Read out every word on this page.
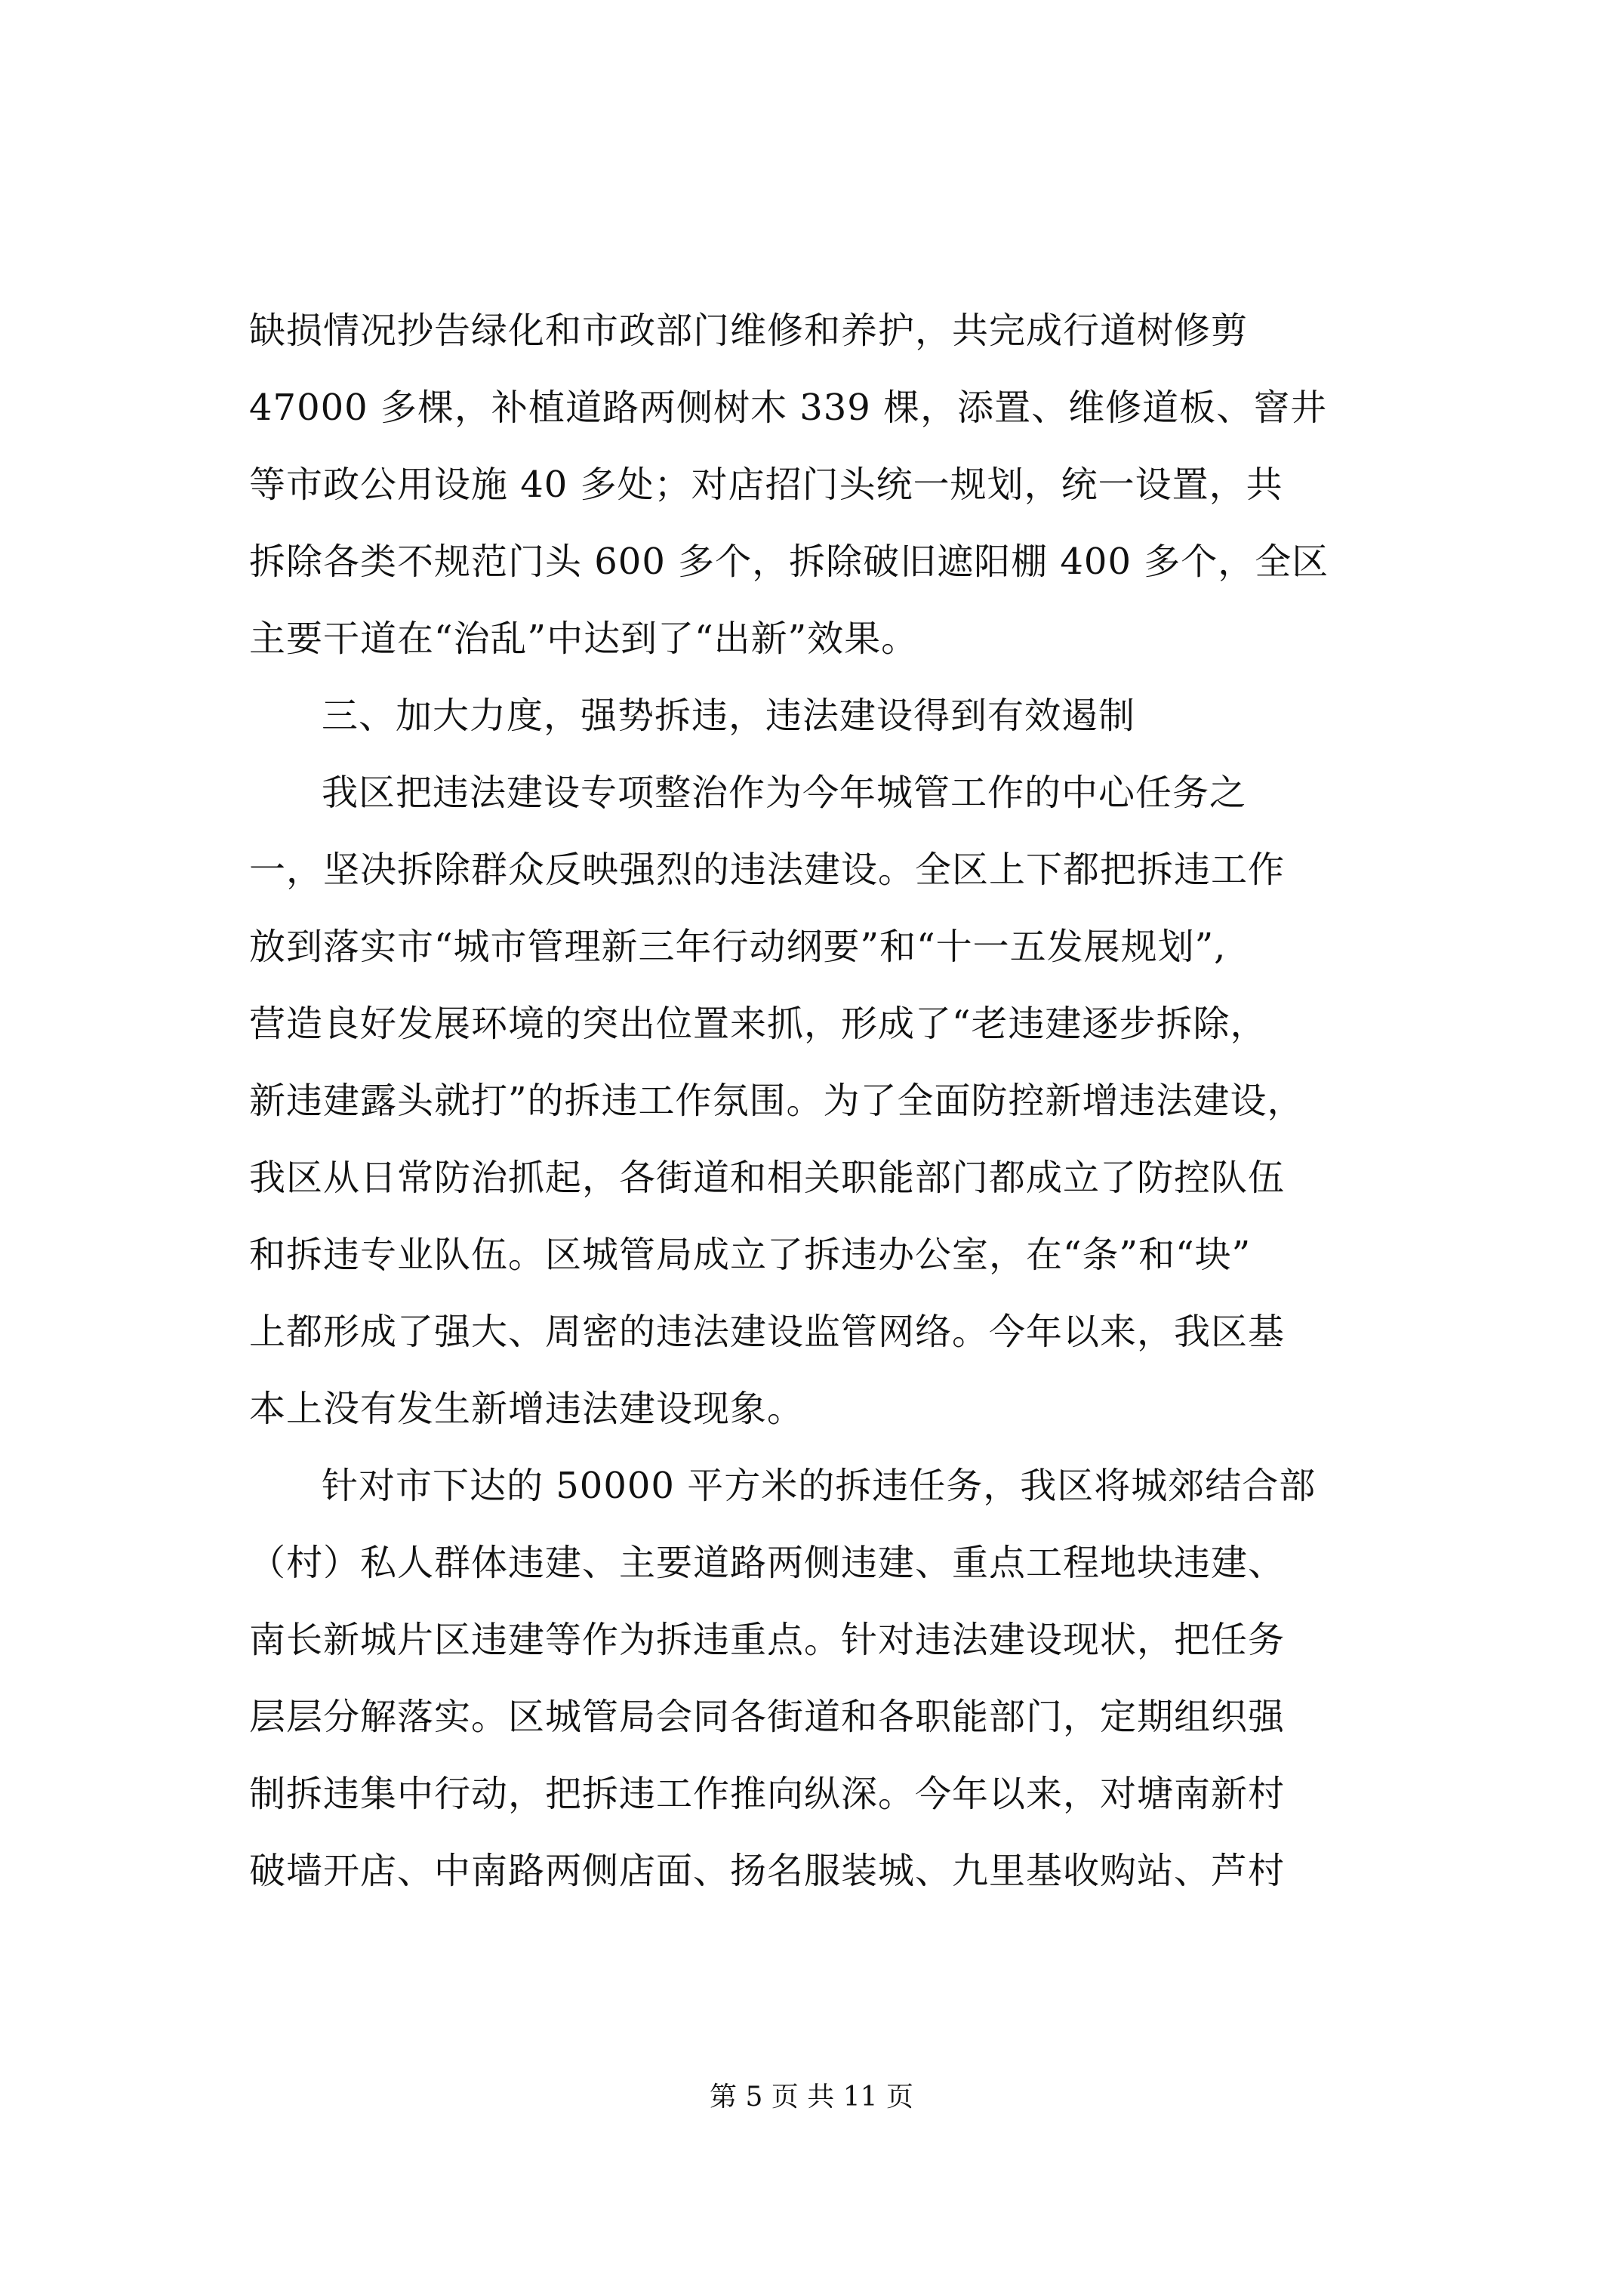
缺损情况抄告绿化和市政部门维修和养护，共完成行道树修剪
47000 多棵，补植道路两侧树木 339 棵，添置、维修道板、窨井
等市政公用设施 40 多处；对店招门头统一规划，统一设置，共
拆除各类不规范门头 600 多个，拆除破旧遮阳棚 400 多个，全区
主要干道在“治乱”中达到了“出新”效果。
三、加大力度，强势拆违，违法建设得到有效遏制
我区把违法建设专项整治作为今年城管工作的中心任务之
一，坚决拆除群众反映强烈的违法建设。全区上下都把拆违工作
放到落实市“城市管理新三年行动纲要”和“十一五发展规划”,
营造良好发展环境的突出位置来抓，形成了“老违建逐步拆除，
新违建露头就打”的拆违工作氛围。为了全面防控新增违法建设，
我区从日常防治抓起，各街道和相关职能部门都成立了防控队伍
和拆违专业队伍。区城管局成立了拆违办公室，在“条”和“块”
上都形成了强大、周密的违法建设监管网络。今年以来，我区基
本上没有发生新增违法建设现象。
针对市下达的 50000 平方米的拆违任务，我区将城郊结合部
（村）私人群体违建、主要道路两侧违建、重点工程地块违建、
南长新城片区违建等作为拆违重点。针对违法建设现状，把任务
层层分解落实。区城管局会同各街道和各职能部门，定期组织强
制拆违集中行动，把拆违工作推向纵深。今年以来，对塘南新村
破墙开店、中南路两侧店面、扬名服装城、九里基收购站、芦村
第 5 页 共 11 页
